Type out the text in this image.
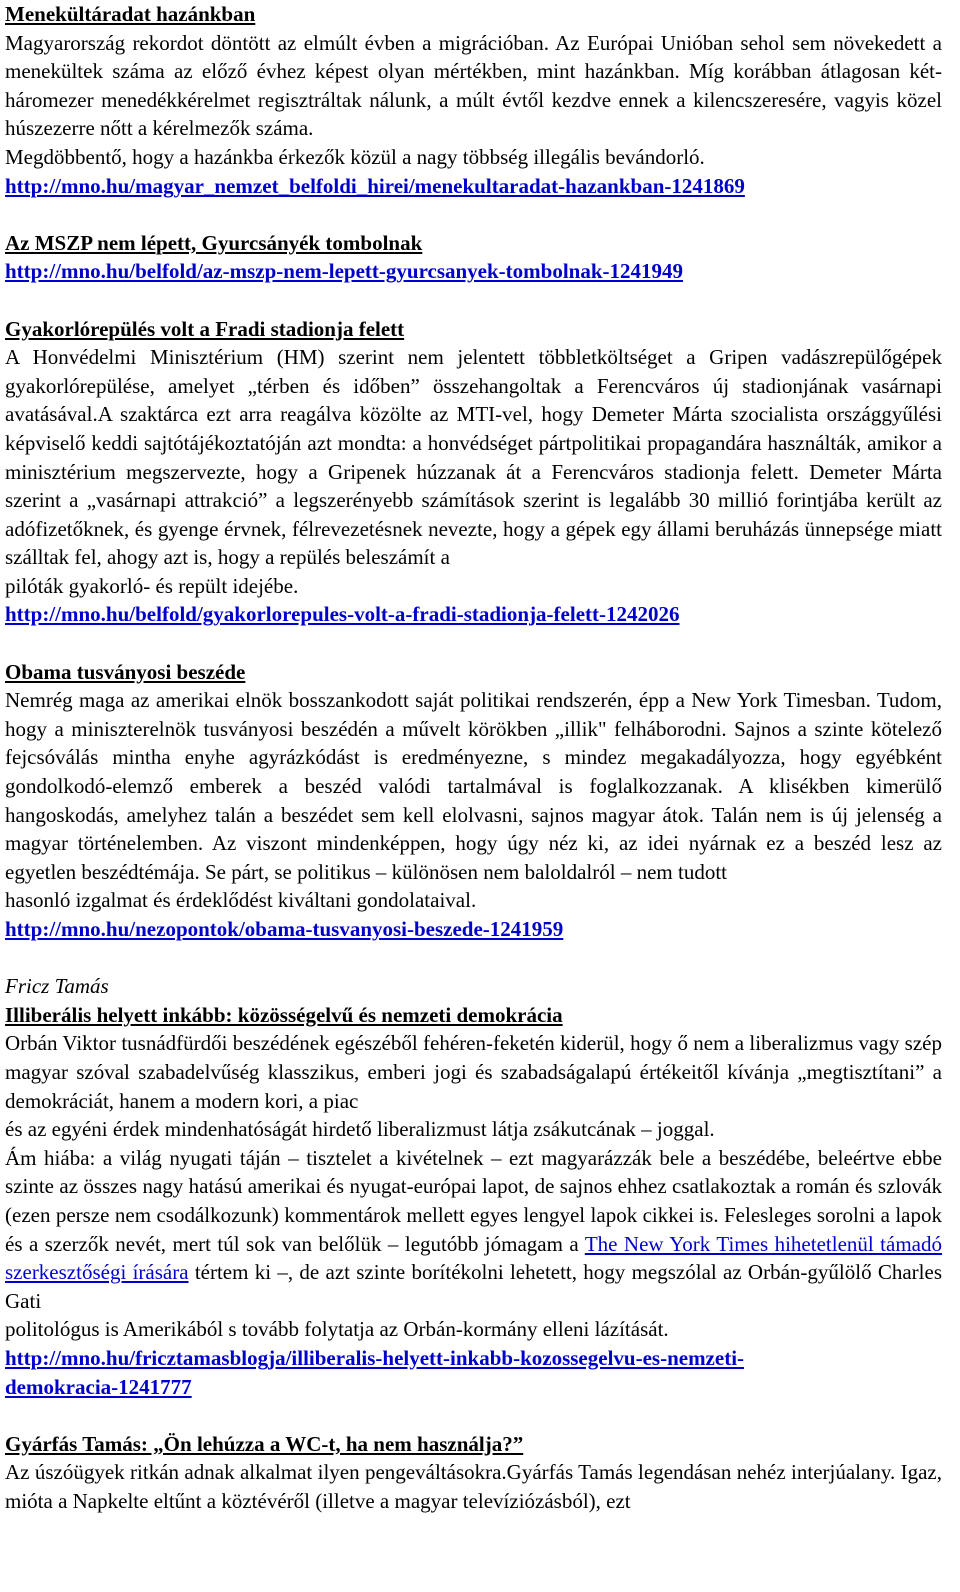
Menekültáradat hazánkban

Magyarország rekordot döntött az elmúlt évben a migrációban. Az Európai Unióban sehol sem növekedett a menekültek száma az előző évhez képest olyan mértékben, mint hazánkban. Míg korábban átlagosan két-háromezer menedékkérelmet regisztráltak nálunk, a múlt évtől kezdve ennek a kilencszeresére, vagyis közel húszezerre nőtt a kérelmezők száma.

Megdöbbentő, hogy a hazánkba érkezők közül a nagy többség illegális bevándorló.

http://mno.hu/magyar_nemzet_belfoldi_hirei/menekultaradat-hazankban-1241869

Az MSZP nem lépett, Gyurcsányék tombolnak

http://mno.hu/belfold/az-mszp-nem-lepett-gyurcsanyek-tombolnak-1241949

Gyakorlórepülés volt a Fradi stadionja felett

A Honvédelmi Minisztérium (HM) szerint nem jelentett többletköltséget a Gripen vadászrepülőgépek gyakorlórepülése, amelyet „térben és időben” összehangoltak a Ferencváros új stadionjának vasárnapi avatásával.A szaktárca ezt arra reagálva közölte az MTI-vel, hogy Demeter Márta szocialista országgyűlési képviselő keddi sajtótájékoztatóján azt mondta: a honvédséget pártpolitikai propagandára használták, amikor a minisztérium megszervezte, hogy a Gripenek húzzanak át a Ferencváros stadionja felett. Demeter Márta szerint a „vasárnapi attrakció” a legszerényebb számítások szerint is legalább 30 millió forintjába került az adófizetőknek, és gyenge érvnek, félrevezetésnek nevezte, hogy a gépek egy állami beruházás ünnepsége miatt szálltak fel, ahogy azt is, hogy a repülés beleszámít a

pilóták gyakorló- és repült idejébe.

http://mno.hu/belfold/gyakorlorepules-volt-a-fradi-stadionja-felett-1242026

Obama tusványosi beszéde

Nemrég maga az amerikai elnök bosszankodott saját politikai rendszerén, épp a New York Timesban. Tudom, hogy a miniszterelnök tusványosi beszédén a művelt körökben „illik" felháborodni. Sajnos a szinte kötelező fejcsóválás mintha enyhe agyrázkódást is eredményezne, s mindez megakadályozza, hogy egyébként gondolkodó-elemző emberek a beszéd valódi tartalmával is foglalkozzanak. A klisékben kimerülő hangoskodás, amelyhez talán a beszédet sem kell elolvasni, sajnos magyar átok. Talán nem is új jelenség a magyar történelemben. Az viszont mindenképpen, hogy úgy néz ki, az idei nyárnak ez a beszéd lesz az egyetlen beszédtémája. Se párt, se politikus – különösen nem baloldalról – nem tudott

hasonló izgalmat és érdeklődést kiváltani gondolataival.

http://mno.hu/nezopontok/obama-tusvanyosi-beszede-1241959

Fricz Tamás

Illiberális helyett inkább: közösségelvű és nemzeti demokrácia

Orbán Viktor tusnádfürdői beszédének egészéből fehéren-feketén kiderül, hogy ő nem a liberalizmus vagy szép magyar szóval szabadelvűség klasszikus, emberi jogi és szabadságalapú értékeitől kívánja „megtisztítani” a demokráciát, hanem a modern kori, a piac

és az egyéni érdek mindenhatóságát hirdető liberalizmust látja zsákutcának – joggal.

Ám hiába: a világ nyugati táján – tisztelet a kivételnek – ezt magyarázzák bele a beszédébe, beleértve ebbe szinte az összes nagy hatású amerikai és nyugat-európai lapot, de sajnos ehhez csatlakoztak a román és szlovák (ezen persze nem csodálkozunk) kommentárok mellett egyes lengyel lapok cikkei is. Felesleges sorolni a lapok és a szerzők nevét, mert túl sok van belőlük – legutóbb jómagam a The New York Times hihetetlenül támadó szerkesztőségi írására tértem ki –, de azt szinte borítékolni lehetett, hogy megszólal az Orbán-gyűlölő Charles Gati

politológus is Amerikából s tovább folytatja az Orbán-kormány elleni lázítását.

http://mno.hu/fricztamasblogja/illiberalis-helyett-inkabb-kozossegelvu-es-nemzeti-
demokracia-1241777

Gyárfás Tamás: „Ön lehúzza a WC-t, ha nem használja?”

Az úszóügyek ritkán adnak alkalmat ilyen pengeváltásokra.Gyárfás Tamás legendásan nehéz interjúalany. Igaz, mióta a Napkelte eltűnt a köztévéről (illetve a magyar televíziózásból), ezt
